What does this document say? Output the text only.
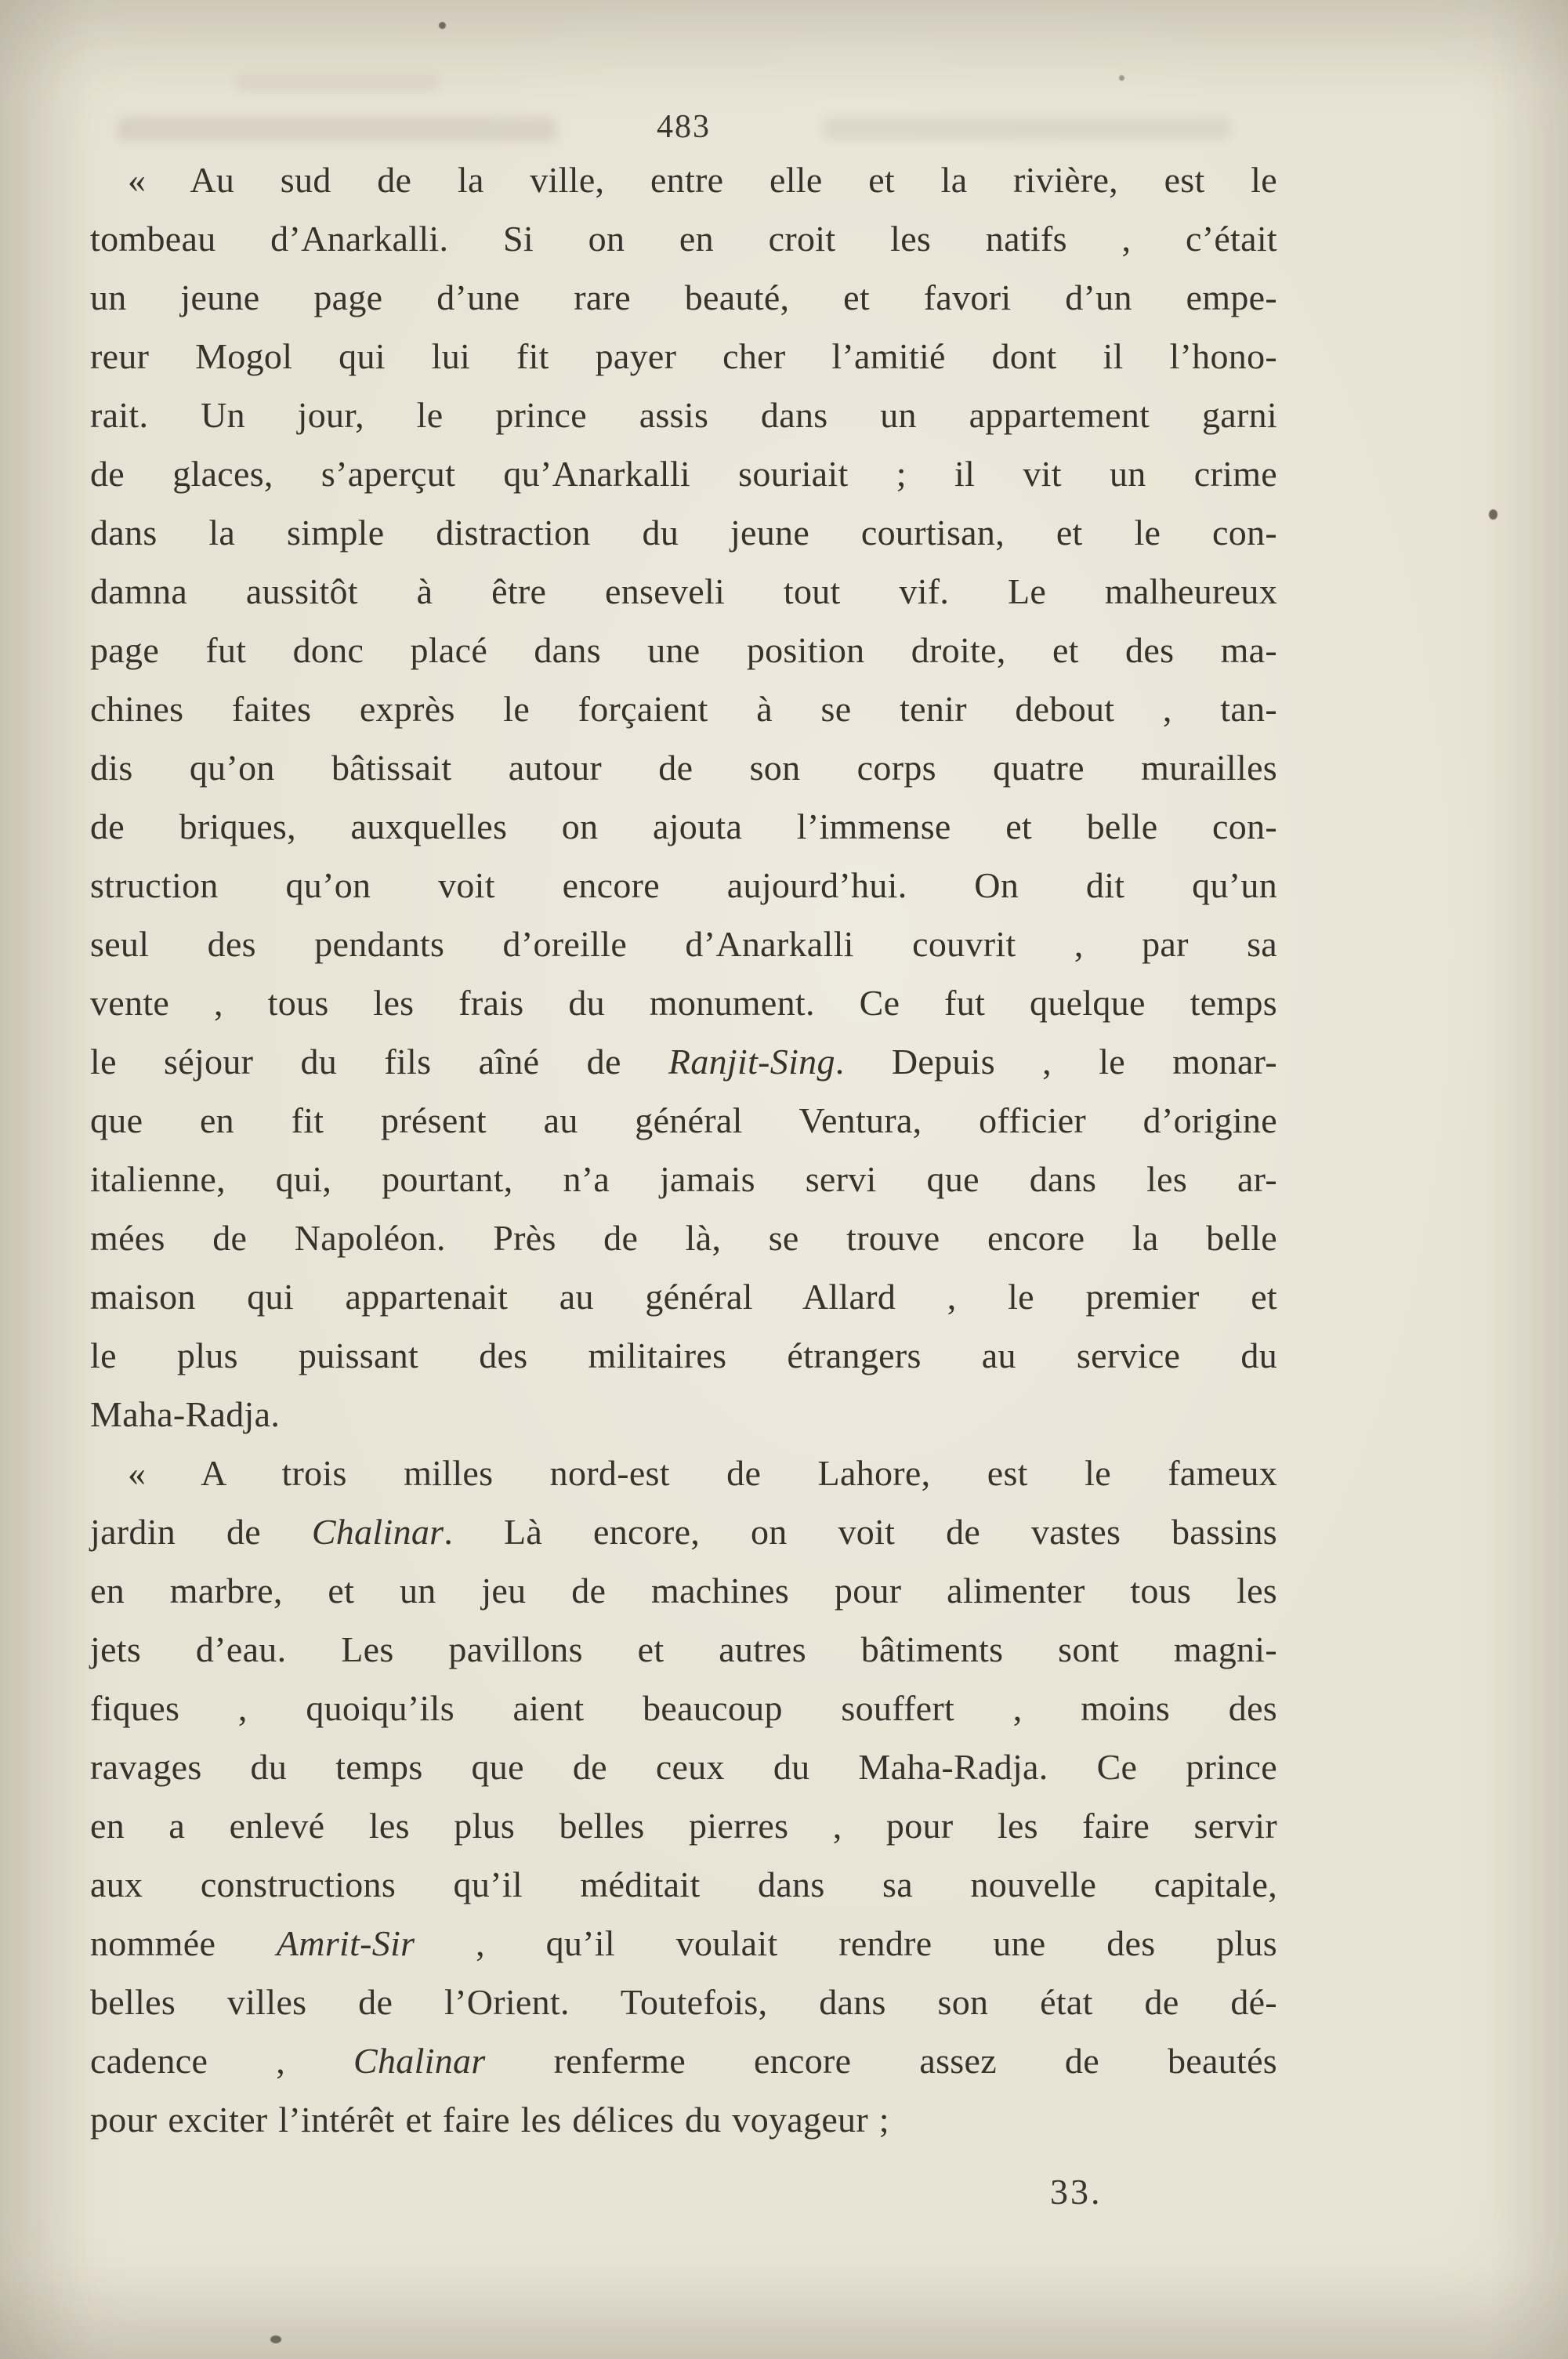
483
« Au sud de la ville, entre elle et la rivière, est le
tombeau d’Anarkalli. Si on en croit les natifs , c’était
un jeune page d’une rare beauté, et favori d’un empe-
reur Mogol qui lui fit payer cher l’amitié dont il l’hono-
rait. Un jour, le prince assis dans un appartement garni
de glaces, s’aperçut qu’Anarkalli souriait ; il vit un crime
dans la simple distraction du jeune courtisan, et le con-
damna aussitôt à être enseveli tout vif. Le malheureux
page fut donc placé dans une position droite, et des ma-
chines faites exprès le forçaient à se tenir debout , tan-
dis qu’on bâtissait autour de son corps quatre murailles
de briques, auxquelles on ajouta l’immense et belle con-
struction qu’on voit encore aujourd’hui. On dit qu’un
seul des pendants d’oreille d’Anarkalli couvrit , par sa
vente , tous les frais du monument. Ce fut quelque temps
le séjour du fils aîné de Ranjit-Sing. Depuis , le monar-
que en fit présent au général Ventura, officier d’origine
italienne, qui, pourtant, n’a jamais servi que dans les ar-
mées de Napoléon. Près de là, se trouve encore la belle
maison qui appartenait au général Allard , le premier et
le plus puissant des militaires étrangers au service du
Maha-Radja.
« A trois milles nord-est de Lahore, est le fameux
jardin de Chalinar. Là encore, on voit de vastes bassins
en marbre, et un jeu de machines pour alimenter tous les
jets d’eau. Les pavillons et autres bâtiments sont magni-
fiques , quoiqu’ils aient beaucoup souffert , moins des
ravages du temps que de ceux du Maha-Radja. Ce prince
en a enlevé les plus belles pierres , pour les faire servir
aux constructions qu’il méditait dans sa nouvelle capitale,
nommée Amrit-Sir , qu’il voulait rendre une des plus
belles villes de l’Orient. Toutefois, dans son état de dé-
cadence , Chalinar renferme encore assez de beautés
pour exciter l’intérêt et faire les délices du voyageur ;
33.
